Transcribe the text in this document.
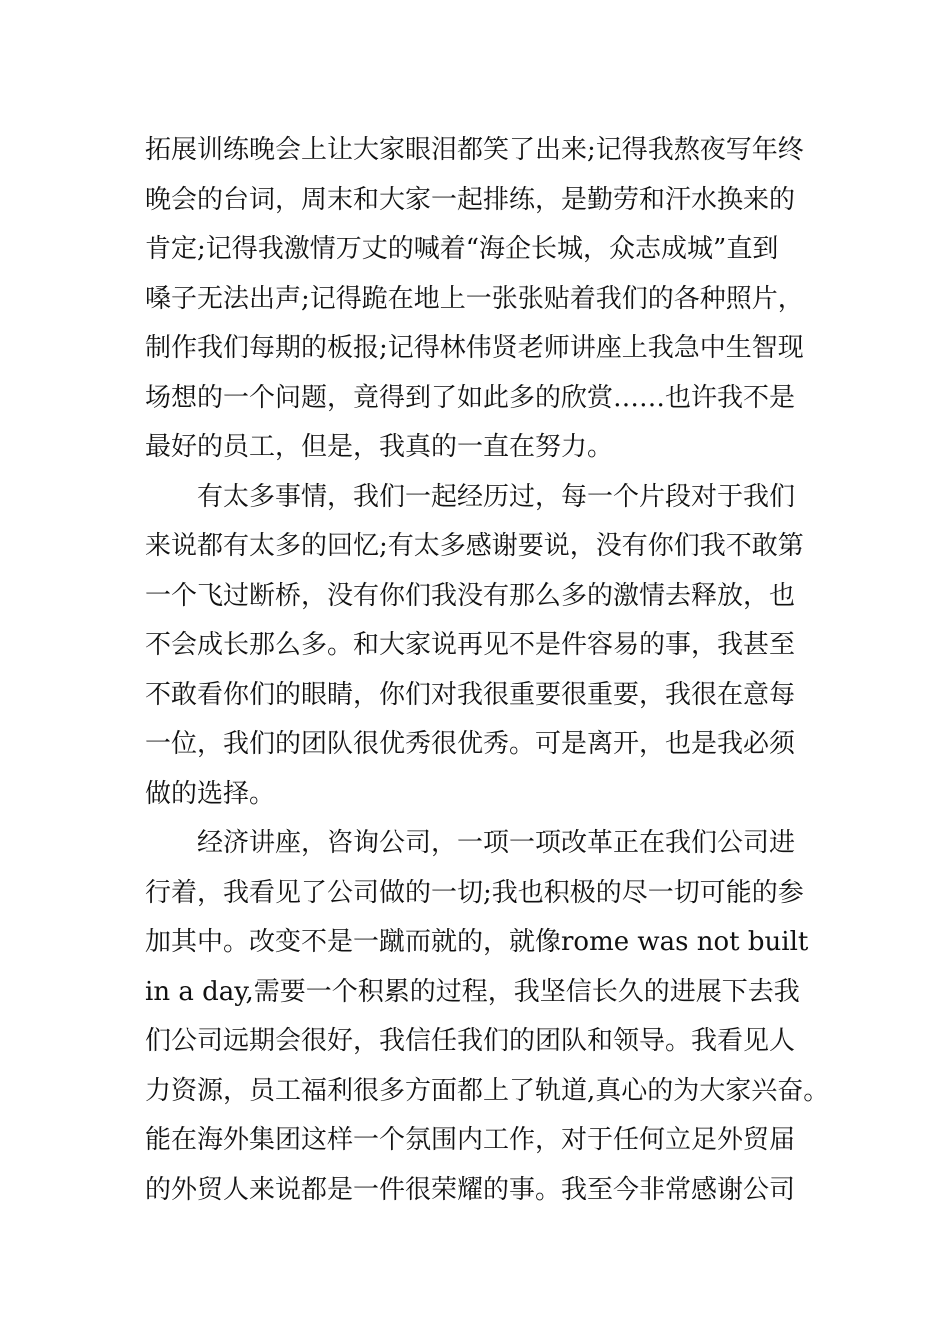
拓展训练晚会上让大家眼泪都笑了出来;记得我熬夜写年终
晚会的台词，周末和大家一起排练，是勤劳和汗水换来的
肯定;记得我激情万丈的喊着“海企长城，众志成城”直到
嗓子无法出声;记得跪在地上一张张贴着我们的各种照片，
制作我们每期的板报;记得林伟贤老师讲座上我急中生智现
场想的一个问题，竟得到了如此多的欣赏……也许我不是
最好的员工，但是，我真的一直在努力。
有太多事情，我们一起经历过，每一个片段对于我们
来说都有太多的回忆;有太多感谢要说，没有你们我不敢第
一个飞过断桥，没有你们我没有那么多的激情去释放，也
不会成长那么多。和大家说再见不是件容易的事，我甚至
不敢看你们的眼睛，你们对我很重要很重要，我很在意每
一位，我们的团队很优秀很优秀。可是离开，也是我必须
做的选择。
经济讲座，咨询公司，一项一项改革正在我们公司进
行着，我看见了公司做的一切;我也积极的尽一切可能的参
加其中。改变不是一蹴而就的，就像rome was not built
in a day,需要一个积累的过程，我坚信长久的进展下去我
们公司远期会很好，我信任我们的团队和领导。我看见人
力资源，员工福利很多方面都上了轨道,真心的为大家兴奋。
能在海外集团这样一个氛围内工作，对于任何立足外贸届
的外贸人来说都是一件很荣耀的事。我至今非常感谢公司
